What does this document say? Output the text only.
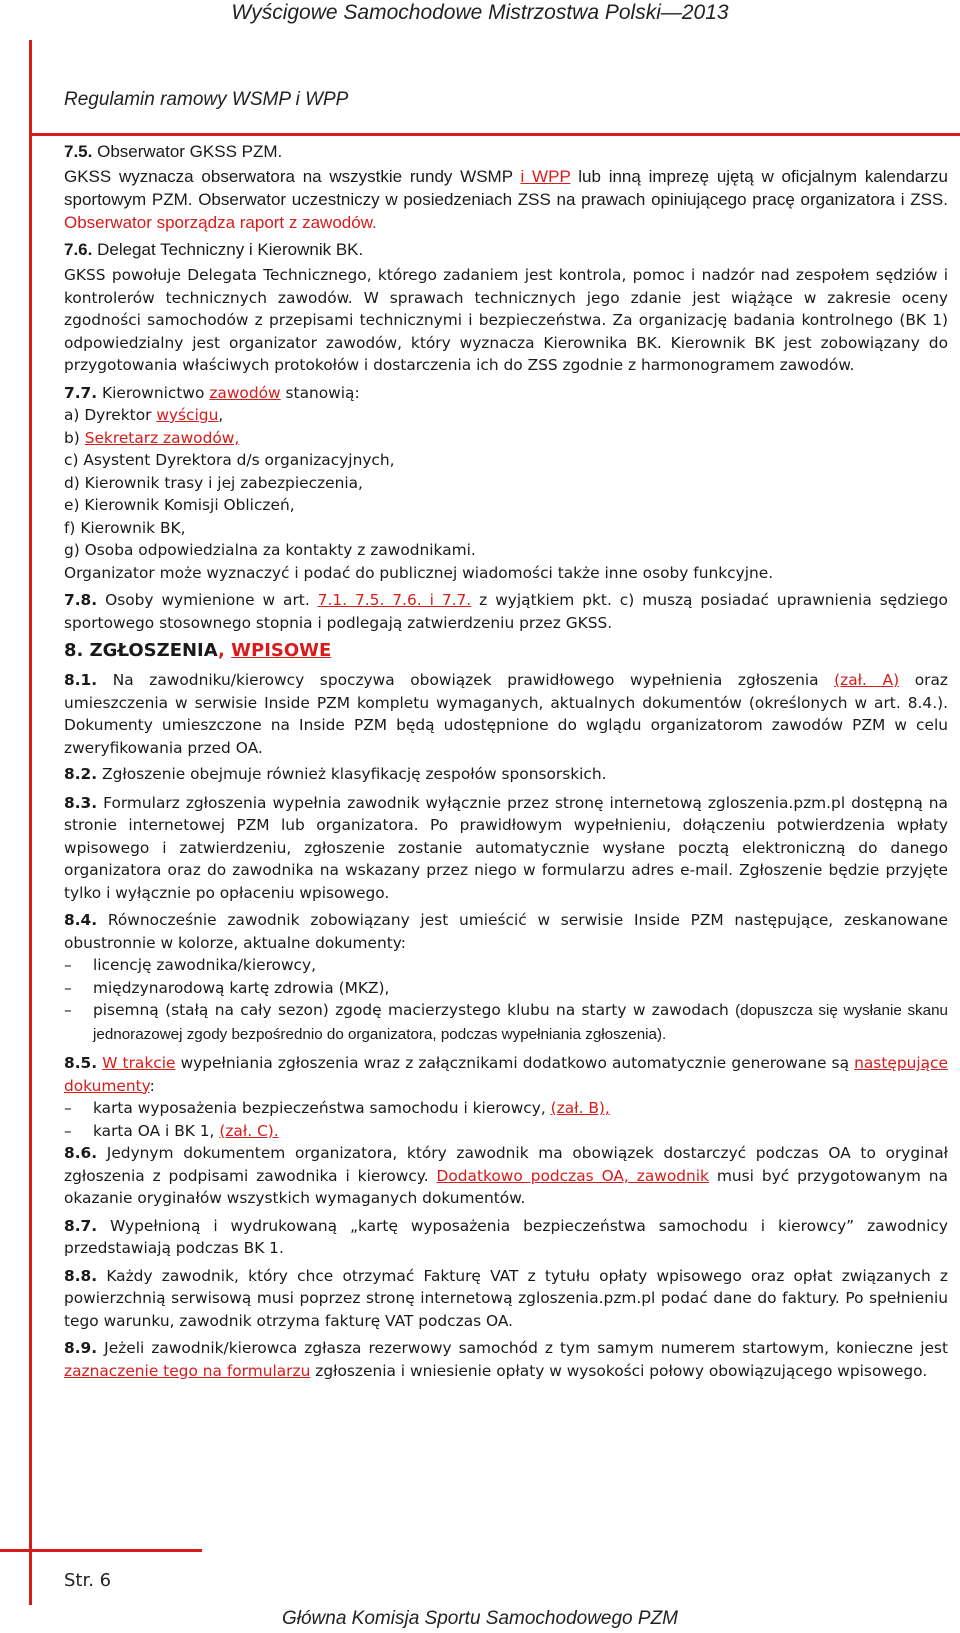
Wyścigowe Samochodowe Mistrzostwa Polski—2013
Regulamin ramowy WSMP i WPP

7.5. Obserwator GKSS PZM.

GKSS wyznacza obserwatora na wszystkie rundy WSMP i WPP lub inną imprezę ujętą w oficjalnym kalendarzu sportowym PZM. Obserwator uczestniczy w posiedzeniach ZSS na prawach opiniującego pracę organizatora i ZSS. Obserwator sporządza raport z zawodów.

7.6. Delegat Techniczny i Kierownik BK.

GKSS powołuje Delegata Technicznego, którego zadaniem jest kontrola, pomoc i nadzór nad zespołem sędziów i kontrolerów technicznych zawodów. W sprawach technicznych jego zdanie jest wiążące w zakresie oceny zgodności samochodów z przepisami technicznymi i bezpieczeństwa. Za organizację badania kontrolnego (BK 1) odpowiedzialny jest organizator zawodów, który wyznacza Kierownika BK. Kierownik BK jest zobowiązany do przygotowania właściwych protokołów i dostarczenia ich do ZSS zgodnie z harmonogramem zawodów.

7.7. Kierownictwo zawodów stanowią:

a) Dyrektor wyścigu,

b) Sekretarz zawodów,

c) Asystent Dyrektora d/s organizacyjnych,

d) Kierownik trasy i jej zabezpieczenia,

e) Kierownik Komisji Obliczeń,

f) Kierownik BK,

g) Osoba odpowiedzialna za kontakty z zawodnikami.

Organizator może wyznaczyć i podać do publicznej wiadomości także inne osoby funkcyjne.

7.8. Osoby wymienione w art. 7.1. 7.5. 7.6. i 7.7. z wyjątkiem pkt. c) muszą posiadać uprawnienia sędziego sportowego stosownego stopnia i podlegają zatwierdzeniu przez GKSS.

8. ZGŁOSZENIA, WPISOWE

8.1. Na zawodniku/kierowcy spoczywa obowiązek prawidłowego wypełnienia zgłoszenia (zał. A) oraz umieszczenia w serwisie Inside PZM kompletu wymaganych, aktualnych dokumentów (określonych w art. 8.4.). Dokumenty umieszczone na Inside PZM będą udostępnione do wglądu organizatorom zawodów PZM w celu zweryfikowania przed OA.

8.2. Zgłoszenie obejmuje również klasyfikację zespołów sponsorskich.

8.3. Formularz zgłoszenia wypełnia zawodnik wyłącznie przez stronę internetową zgloszenia.pzm.pl dostępną na stronie internetowej PZM lub organizatora. Po prawidłowym wypełnieniu, dołączeniu potwierdzenia wpłaty wpisowego i zatwierdzeniu, zgłoszenie zostanie automatycznie wysłane pocztą elektroniczną do danego organizatora oraz do zawodnika na wskazany przez niego w formularzu adres e-mail. Zgłoszenie będzie przyjęte tylko i wyłącznie po opłaceniu wpisowego.

8.4. Równocześnie zawodnik zobowiązany jest umieścić w serwisie Inside PZM następujące, zeskanowane obustronnie w kolorze, aktualne dokumenty:

– licencję zawodnika/kierowcy,

– międzynarodową kartę zdrowia (MKZ),

– pisemną (stałą na cały sezon) zgodę macierzystego klubu na starty w zawodach (dopuszcza się wysłanie skanu jednorazowej zgody bezpośrednio do organizatora, podczas wypełniania zgłoszenia).

8.5. W trakcie wypełniania zgłoszenia wraz z załącznikami dodatkowo automatycznie generowane są następujące dokumenty:

– karta wyposażenia bezpieczeństwa samochodu i kierowcy, (zał. B),

– karta OA i BK 1, (zał. C).

8.6. Jedynym dokumentem organizatora, który zawodnik ma obowiązek dostarczyć podczas OA to oryginał zgłoszenia z podpisami zawodnika i kierowcy. Dodatkowo podczas OA, zawodnik musi być przygotowanym na okazanie oryginałów wszystkich wymaganych dokumentów.

8.7. Wypełnioną i wydrukowaną „kartę wyposażenia bezpieczeństwa samochodu i kierowcy” zawodnicy przedstawiają podczas BK 1.

8.8. Każdy zawodnik, który chce otrzymać Fakturę VAT z tytułu opłaty wpisowego oraz opłat związanych z powierzchnią serwisową musi poprzez stronę internetową zgloszenia.pzm.pl podać dane do faktury. Po spełnieniu tego warunku, zawodnik otrzyma fakturę VAT podczas OA.

8.9. Jeżeli zawodnik/kierowca zgłasza rezerwowy samochód z tym samym numerem startowym, konieczne jest zaznaczenie tego na formularzu zgłoszenia i wniesienie opłaty w wysokości połowy obowiązującego wpisowego.

Str. 6
Główna Komisja Sportu Samochodowego PZM
